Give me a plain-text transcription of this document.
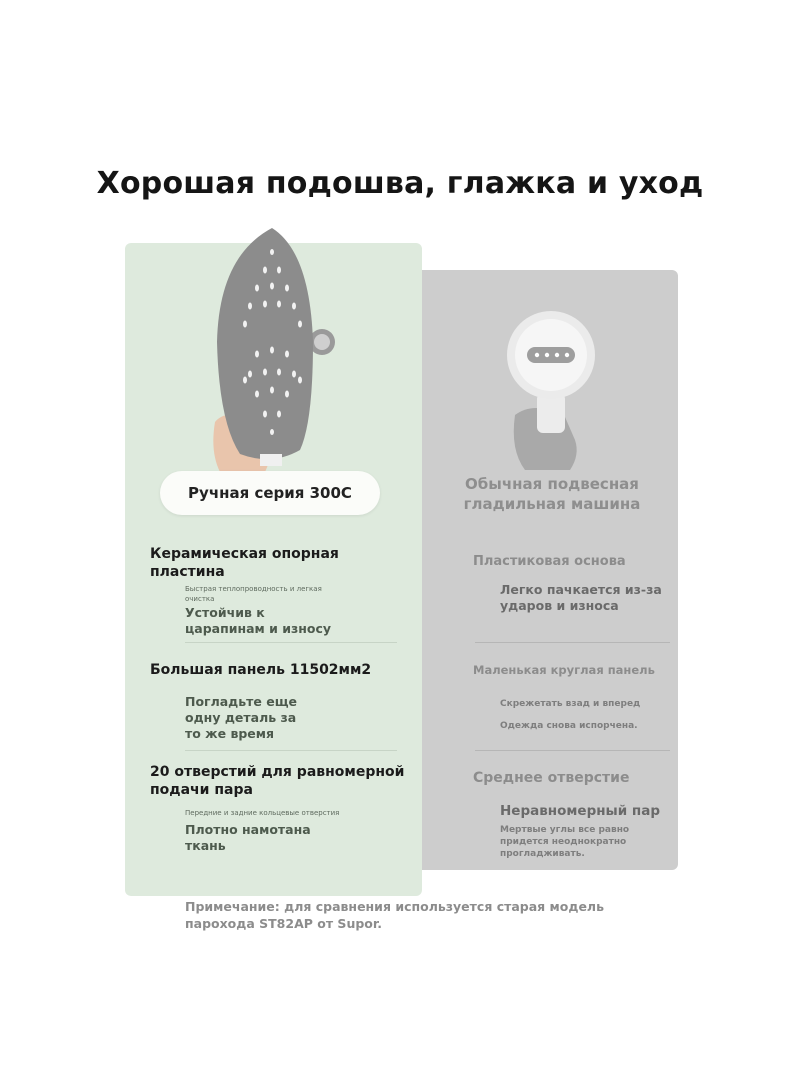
Хорошая подошва, глажка и уход
Ручная серия 300C	Обычная подвесная
гладильная машина
Керамическая опорная
пластина
Быстрая теплопроводность и легкая
очистка
Устойчив к
царапинам и износу
Большая панель 11502мм2
Погладьте еще
одну деталь за
то же время
20 отверстий для равномерной
подачи пара
Передние и задние кольцевые отверстия
Плотно намотана
ткань
Пластиковая основа
Легко пачкается из-за
ударов и износа
Маленькая круглая панель
Скрежетать взад и вперед
Одежда снова испорчена.
Среднее отверстие
Неравномерный пар
Мертвые углы все равно
придется неоднократно
прогладживать.
Примечание: для сравнения используется старая модель
парохода ST82AP от Supor.
